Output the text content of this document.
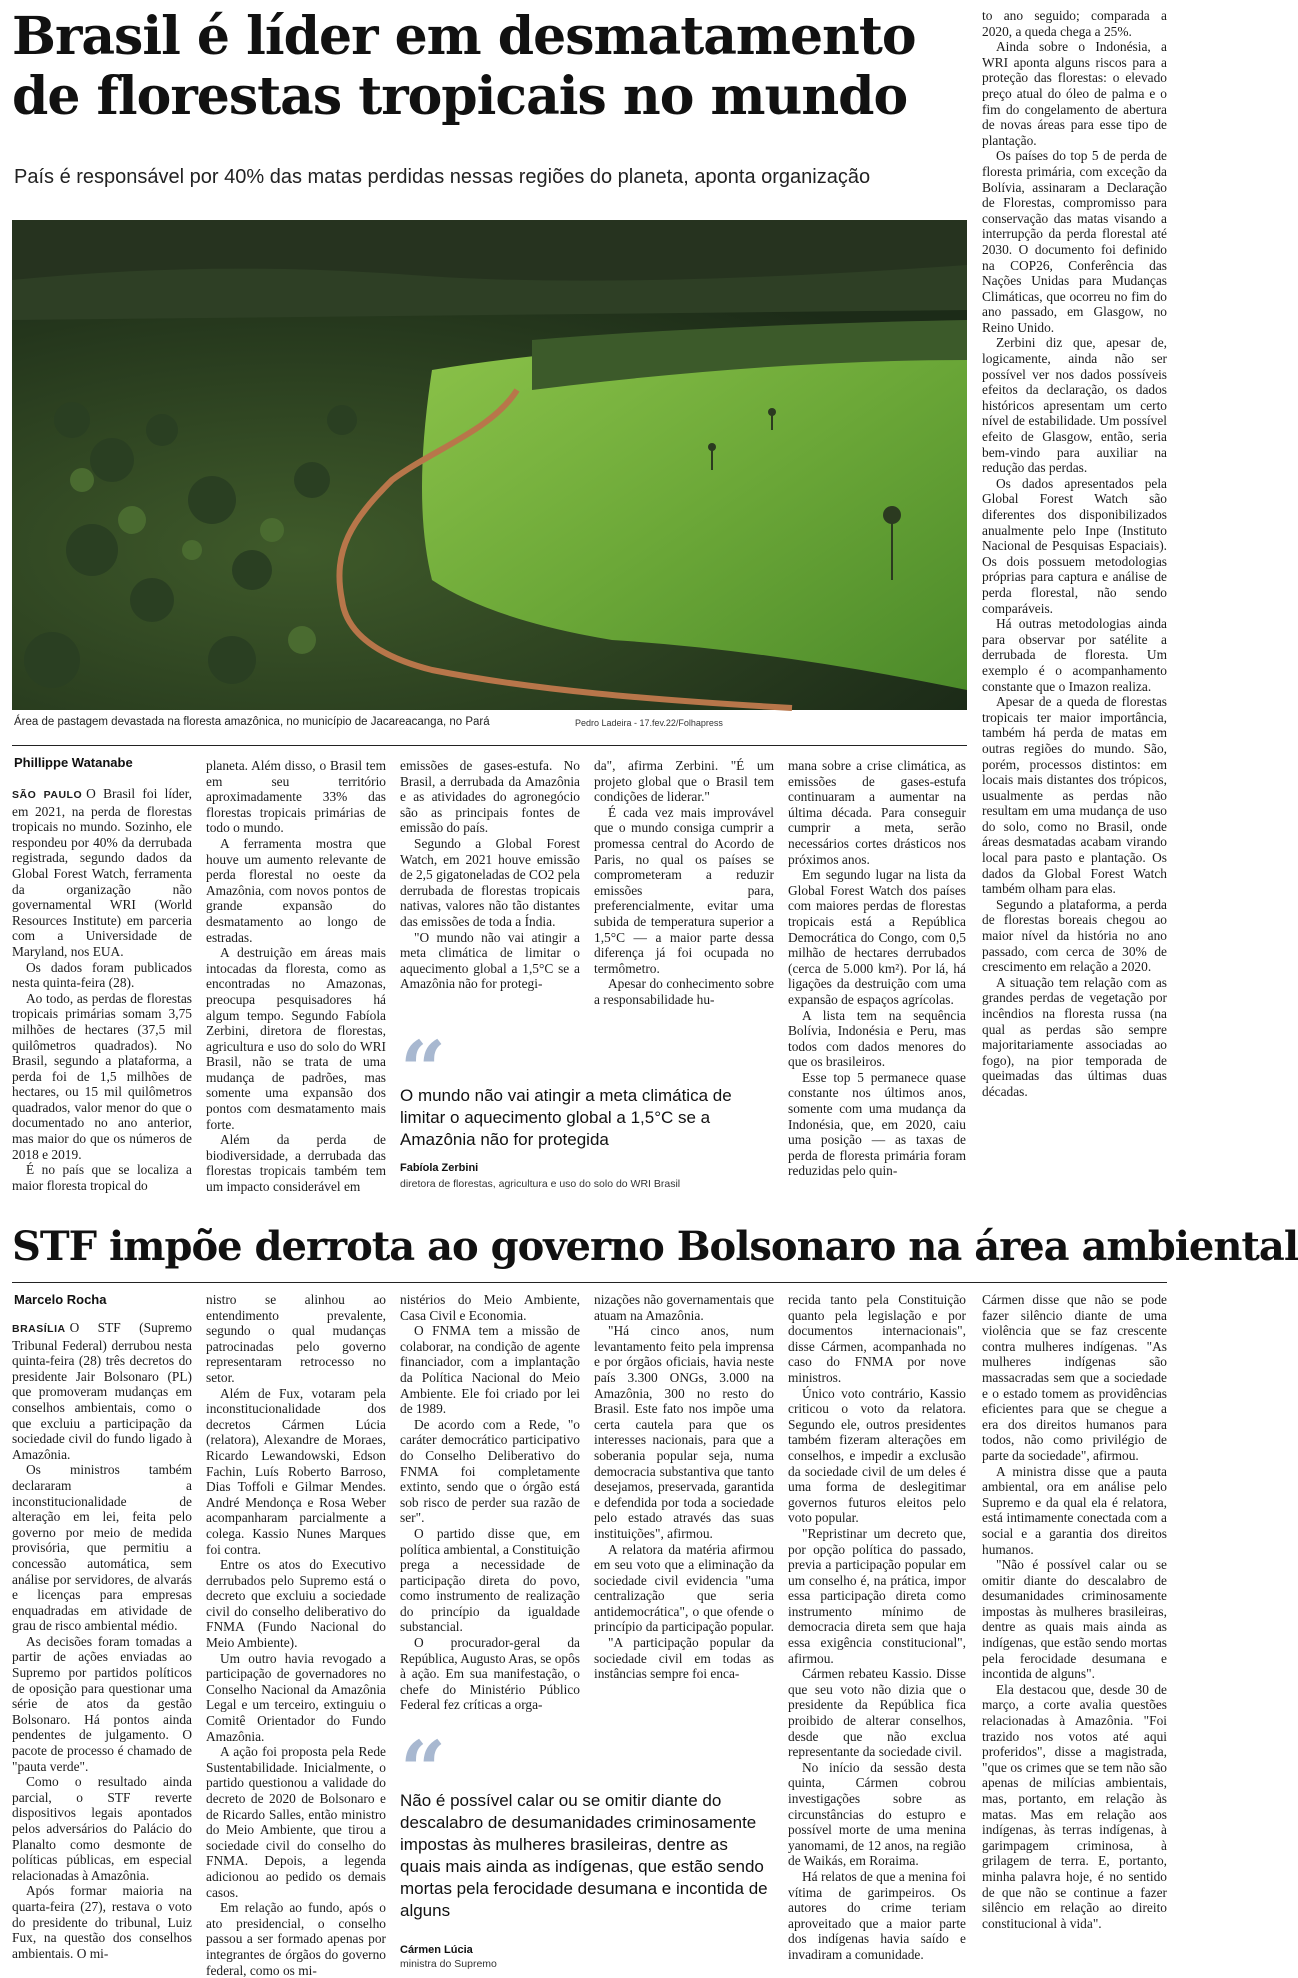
Brasil é líder em desmatamento
de florestas tropicais no mundo
País é responsável por 40% das matas perdidas nessas regiões do planeta, aponta organização
Área de pastagem devastada na floresta amazônica, no município de Jacareacanga, no Pará	Pedro Ladeira - 17.fev.22/Folhapress
Phillippe Watanabe

SÃO PAULO O Brasil foi líder, em 2021, na perda de florestas tropicais no mundo. Sozinho, ele respondeu por 40% da derrubada registrada, segundo dados da Global Forest Watch, ferramenta da organização não governamental WRI (World Resources Institute) em parceria com a Universidade de Maryland, nos EUA.

Os dados foram publicados nesta quinta-feira (28).

Ao todo, as perdas de florestas tropicais primárias somam 3,75 milhões de hectares (37,5 mil quilômetros quadrados). No Brasil, segundo a plataforma, a perda foi de 1,5 milhões de hectares, ou 15 mil quilômetros quadrados, valor menor do que o documentado no ano anterior, mas maior do que os números de 2018 e 2019.

É no país que se localiza a maior floresta tropical do

planeta. Além disso, o Brasil tem em seu território aproximadamente 33% das florestas tropicais primárias de todo o mundo.

A ferramenta mostra que houve um aumento relevante de perda florestal no oeste da Amazônia, com novos pontos de grande expansão do desmatamento ao longo de estradas.

A destruição em áreas mais intocadas da floresta, como as encontradas no Amazonas, preocupa pesquisadores há algum tempo. Segundo Fabíola Zerbini, diretora de florestas, agricultura e uso do solo do WRI Brasil, não se trata de uma mudança de padrões, mas somente uma expansão dos pontos com desmatamento mais forte.

Além da perda de biodiversidade, a derrubada das florestas tropicais também tem um impacto considerável em

emissões de gases-estufa. No Brasil, a derrubada da Amazônia e as atividades do agronegócio são as principais fontes de emissão do país.

Segundo a Global Forest Watch, em 2021 houve emissão de 2,5 gigatoneladas de CO2 pela derrubada de florestas tropicais nativas, valores não tão distantes das emissões de toda a Índia.

"O mundo não vai atingir a meta climática de limitar o aquecimento global a 1,5°C se a Amazônia não for protegi-

da", afirma Zerbini. "É um projeto global que o Brasil tem condições de liderar."

É cada vez mais improvável que o mundo consiga cumprir a promessa central do Acordo de Paris, no qual os países se comprometeram a reduzir emissões para, preferencialmente, evitar uma subida de temperatura superior a 1,5°C — a maior parte dessa diferença já foi ocupada no termômetro.

Apesar do conhecimento sobre a responsabilidade hu-

“
O mundo não vai atingir a meta climática de limitar o aquecimento global a 1,5°C se a Amazônia não for protegida
Fabíola Zerbini
diretora de florestas, agricultura e uso do solo do WRI Brasil

mana sobre a crise climática, as emissões de gases-estufa continuaram a aumentar na última década. Para conseguir cumprir a meta, serão necessários cortes drásticos nos próximos anos.

Em segundo lugar na lista da Global Forest Watch dos países com maiores perdas de florestas tropicais está a República Democrática do Congo, com 0,5 milhão de hectares derrubados (cerca de 5.000 km²). Por lá, há ligações da destruição com uma expansão de espaços agrícolas.

A lista tem na sequência Bolívia, Indonésia e Peru, mas todos com dados menores do que os brasileiros.

Esse top 5 permanece quase constante nos últimos anos, somente com uma mudança da Indonésia, que, em 2020, caiu uma posição — as taxas de perda de floresta primária foram reduzidas pelo quin-

to ano seguido; comparada a 2020, a queda chega a 25%.

Ainda sobre o Indonésia, a WRI aponta alguns riscos para a proteção das florestas: o elevado preço atual do óleo de palma e o fim do congelamento de abertura de novas áreas para esse tipo de plantação.

Os países do top 5 de perda de floresta primária, com exceção da Bolívia, assinaram a Declaração de Florestas, compromisso para conservação das matas visando a interrupção da perda florestal até 2030. O documento foi definido na COP26, Conferência das Nações Unidas para Mudanças Climáticas, que ocorreu no fim do ano passado, em Glasgow, no Reino Unido.

Zerbini diz que, apesar de, logicamente, ainda não ser possível ver nos dados possíveis efeitos da declaração, os dados históricos apresentam um certo nível de estabilidade. Um possível efeito de Glasgow, então, seria bem-vindo para auxiliar na redução das perdas.

Os dados apresentados pela Global Forest Watch são diferentes dos disponibilizados anualmente pelo Inpe (Instituto Nacional de Pesquisas Espaciais). Os dois possuem metodologias próprias para captura e análise de perda florestal, não sendo comparáveis.

Há outras metodologias ainda para observar por satélite a derrubada de floresta. Um exemplo é o acompanhamento constante que o Imazon realiza.

Apesar de a queda de florestas tropicais ter maior importância, também há perda de matas em outras regiões do mundo. São, porém, processos distintos: em locais mais distantes dos trópicos, usualmente as perdas não resultam em uma mudança de uso do solo, como no Brasil, onde áreas desmatadas acabam virando local para pasto e plantação. Os dados da Global Forest Watch também olham para elas.

Segundo a plataforma, a perda de florestas boreais chegou ao maior nível da história no ano passado, com cerca de 30% de crescimento em relação a 2020.

A situação tem relação com as grandes perdas de vegetação por incêndios na floresta russa (na qual as perdas são sempre majoritariamente associadas ao fogo), na pior temporada de queimadas das últimas duas décadas.

STF impõe derrota ao governo Bolsonaro na área ambiental
Marcelo Rocha

BRASÍLIA O STF (Supremo Tribunal Federal) derrubou nesta quinta-feira (28) três decretos do presidente Jair Bolsonaro (PL) que promoveram mudanças em conselhos ambientais, como o que excluiu a participação da sociedade civil do fundo ligado à Amazônia.

Os ministros também declararam a inconstitucionalidade de alteração em lei, feita pelo governo por meio de medida provisória, que permitiu a concessão automática, sem análise por servidores, de alvarás e licenças para empresas enquadradas em atividade de grau de risco ambiental médio.

As decisões foram tomadas a partir de ações enviadas ao Supremo por partidos políticos de oposição para questionar uma série de atos da gestão Bolsonaro. Há pontos ainda pendentes de julgamento. O pacote de processo é chamado de "pauta verde".

Como o resultado ainda parcial, o STF reverte dispositivos legais apontados pelos adversários do Palácio do Planalto como desmonte de políticas públicas, em especial relacionadas à Amazônia.

Após formar maioria na quarta-feira (27), restava o voto do presidente do tribunal, Luiz Fux, na questão dos conselhos ambientais. O mi-

nistro se alinhou ao entendimento prevalente, segundo o qual mudanças patrocinadas pelo governo representaram retrocesso no setor.

Além de Fux, votaram pela inconstitucionalidade dos decretos Cármen Lúcia (relatora), Alexandre de Moraes, Ricardo Lewandowski, Edson Fachin, Luís Roberto Barroso, Dias Toffoli e Gilmar Mendes. André Mendonça e Rosa Weber acompanharam parcialmente a colega. Kassio Nunes Marques foi contra.

Entre os atos do Executivo derrubados pelo Supremo está o decreto que excluiu a sociedade civil do conselho deliberativo do FNMA (Fundo Nacional do Meio Ambiente).

Um outro havia revogado a participação de governadores no Conselho Nacional da Amazônia Legal e um terceiro, extinguiu o Comitê Orientador do Fundo Amazônia.

A ação foi proposta pela Rede Sustentabilidade. Inicialmente, o partido questionou a validade do decreto de 2020 de Bolsonaro e de Ricardo Salles, então ministro do Meio Ambiente, que tirou a sociedade civil do conselho do FNMA. Depois, a legenda adicionou ao pedido os demais casos.

Em relação ao fundo, após o ato presidencial, o conselho passou a ser formado apenas por integrantes de órgãos do governo federal, como os mi-

nistérios do Meio Ambiente, Casa Civil e Economia.

O FNMA tem a missão de colaborar, na condição de agente financiador, com a implantação da Política Nacional do Meio Ambiente. Ele foi criado por lei de 1989.

De acordo com a Rede, "o caráter democrático participativo do Conselho Deliberativo do FNMA foi completamente extinto, sendo que o órgão está sob risco de perder sua razão de ser".

O partido disse que, em política ambiental, a Constituição prega a necessidade de participação direta do povo, como instrumento de realização do princípio da igualdade substancial.

O procurador-geral da República, Augusto Aras, se opôs à ação. Em sua manifestação, o chefe do Ministério Público Federal fez críticas a orga-

nizações não governamentais que atuam na Amazônia.

"Há cinco anos, num levantamento feito pela imprensa e por órgãos oficiais, havia neste país 3.300 ONGs, 3.000 na Amazônia, 300 no resto do Brasil. Este fato nos impõe uma certa cautela para que os interesses nacionais, para que a soberania popular seja, numa democracia substantiva que tanto desejamos, preservada, garantida e defendida por toda a sociedade pelo estado através das suas instituições", afirmou.

A relatora da matéria afirmou em seu voto que a eliminação da sociedade civil evidencia "uma centralização que seria antidemocrática", o que ofende o princípio da participação popular.

"A participação popular da sociedade civil em todas as instâncias sempre foi enca-

“
Não é possível calar ou se omitir diante do descalabro de desumanidades criminosamente impostas às mulheres brasileiras, dentre as quais mais ainda as indígenas, que estão sendo mortas pela ferocidade desumana e incontida de alguns
Cármen Lúcia
ministra do Supremo

recida tanto pela Constituição quanto pela legislação e por documentos internacionais", disse Cármen, acompanhada no caso do FNMA por nove ministros.

Único voto contrário, Kassio criticou o voto da relatora. Segundo ele, outros presidentes também fizeram alterações em conselhos, e impedir a exclusão da sociedade civil de um deles é uma forma de deslegitimar governos futuros eleitos pelo voto popular.

"Repristinar um decreto que, por opção política do passado, previa a participação popular em um conselho é, na prática, impor essa participação direta como instrumento mínimo de democracia direta sem que haja essa exigência constitucional", afirmou.

Cármen rebateu Kassio. Disse que seu voto não dizia que o presidente da República fica proibido de alterar conselhos, desde que não exclua representante da sociedade civil.

No início da sessão desta quinta, Cármen cobrou investigações sobre as circunstâncias do estupro e possível morte de uma menina yanomami, de 12 anos, na região de Waikás, em Roraima.

Há relatos de que a menina foi vítima de garimpeiros. Os autores do crime teriam aproveitado que a maior parte dos indígenas havia saído e invadiram a comunidade.

Cármen disse que não se pode fazer silêncio diante de uma violência que se faz crescente contra mulheres indígenas. "As mulheres indígenas são massacradas sem que a sociedade e o estado tomem as providências eficientes para que se chegue a era dos direitos humanos para todos, não como privilégio de parte da sociedade", afirmou.

A ministra disse que a pauta ambiental, ora em análise pelo Supremo e da qual ela é relatora, está intimamente conectada com a social e a garantia dos direitos humanos.

"Não é possível calar ou se omitir diante do descalabro de desumanidades criminosamente impostas às mulheres brasileiras, dentre as quais mais ainda as indígenas, que estão sendo mortas pela ferocidade desumana e incontida de alguns".

Ela destacou que, desde 30 de março, a corte avalia questões relacionadas à Amazônia. "Foi trazido nos votos até aqui proferidos", disse a magistrada, "que os crimes que se tem não são apenas de milícias ambientais, mas, portanto, em relação às matas. Mas em relação aos indígenas, às terras indígenas, à garimpagem criminosa, à grilagem de terra. E, portanto, minha palavra hoje, é no sentido de que não se continue a fazer silêncio em relação ao direito constitucional à vida".
